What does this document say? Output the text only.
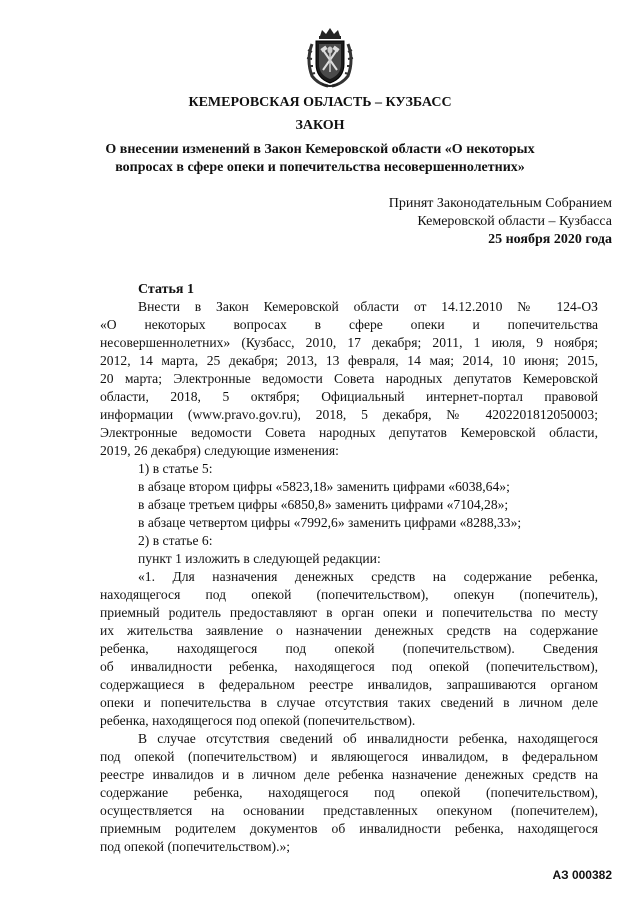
КЕМЕРОВСКАЯ ОБЛАСТЬ – КУЗБАСС
ЗАКОН
О внесении изменений в Закон Кемеровской области «О некоторых
вопросах в сфере опеки и попечительства несовершеннолетних»
Принят Законодательным Собранием
Кемеровской области – Кузбасса
25 ноября 2020 года
Статья 1
Внести в Закон Кемеровской области от 14.12.2010 № 124-ОЗ
«О некоторых вопросах в сфере опеки и попечительства
несовершеннолетних» (Кузбасс, 2010, 17 декабря; 2011, 1 июля, 9 ноября;
2012, 14 марта, 25 декабря; 2013, 13 февраля, 14 мая; 2014, 10 июня; 2015,
20 марта; Электронные ведомости Совета народных депутатов Кемеровской
области, 2018, 5 октября; Официальный интернет-портал правовой
информации (www.pravo.gov.ru), 2018, 5 декабря, № 4202201812050003;
Электронные ведомости Совета народных депутатов Кемеровской области,
2019, 26 декабря) следующие изменения:
1) в статье 5:
в абзаце втором цифры «5823,18» заменить цифрами «6038,64»;
в абзаце третьем цифры «6850,8» заменить цифрами «7104,28»;
в абзаце четвертом цифры «7992,6» заменить цифрами «8288,33»;
2) в статье 6:
пункт 1 изложить в следующей редакции:
«1. Для назначения денежных средств на содержание ребенка,
находящегося под опекой (попечительством), опекун (попечитель),
приемный родитель предоставляют в орган опеки и попечительства по месту
их жительства заявление о назначении денежных средств на содержание
ребенка, находящегося под опекой (попечительством). Сведения
об инвалидности ребенка, находящегося под опекой (попечительством),
содержащиеся в федеральном реестре инвалидов, запрашиваются органом
опеки и попечительства в случае отсутствия таких сведений в личном деле
ребенка, находящегося под опекой (попечительством).
В случае отсутствия сведений об инвалидности ребенка, находящегося
под опекой (попечительством) и являющегося инвалидом, в федеральном
реестре инвалидов и в личном деле ребенка назначение денежных средств на
содержание ребенка, находящегося под опекой (попечительством),
осуществляется на основании представленных опекуном (попечителем),
приемным родителем документов об инвалидности ребенка, находящегося
под опекой (попечительством).»;
АЗ 000382
